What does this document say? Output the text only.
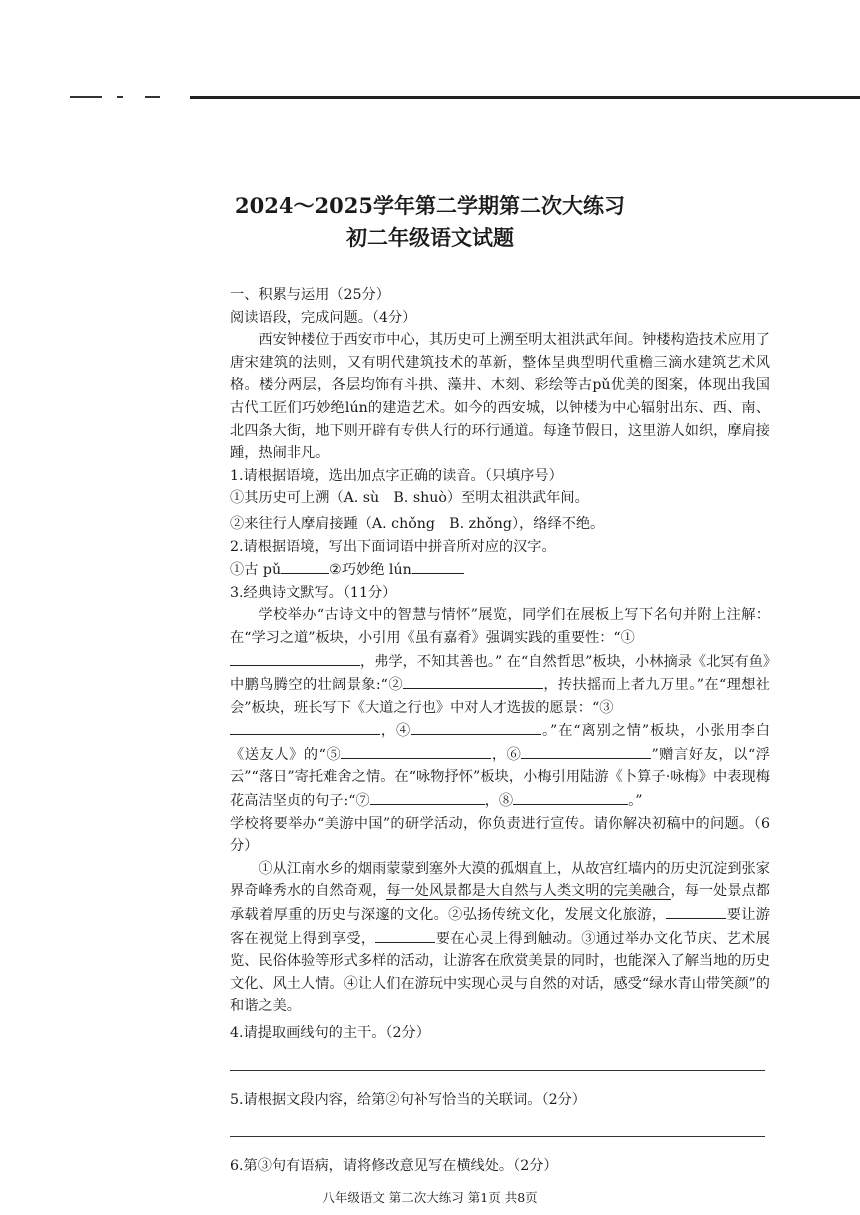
2024～2025学年第二学期第二次大练习
初二年级语文试题

一、积累与运用（25分）

阅读语段，完成问题。（4分）

西安钟楼位于西安市中心，其历史可上溯至明太祖洪武年间。钟楼构造技术应用了唐宋建筑的法则，又有明代建筑技术的革新，整体呈典型明代重檐三滴水建筑艺术风格。楼分两层，各层均饰有斗拱、藻井、木刻、彩绘等古pǔ优美的图案，体现出我国古代工匠们巧妙绝lún的建造艺术。如今的西安城，以钟楼为中心辐射出东、西、南、北四条大街，地下则开辟有专供人行的环行通道。每逢节假日，这里游人如织，摩肩接踵，热闹非凡。

1.请根据语境，选出加点字正确的读音。（只填序号）

①其历史可上溯（A. sù　B. shuò）至明太祖洪武年间。

②来往行人摩肩接踵（A. chǒng　B. zhǒng），络绎不绝。

2.请根据语境，写出下面词语中拼音所对应的汉字。

①古 pǔ	②巧妙绝 lún

3.经典诗文默写。（11分）

学校举办“古诗文中的智慧与情怀”展览，同学们在展板上写下名句并附上注解：在“学习之道”板块，小引用《虽有嘉肴》强调实践的重要性：“①
，弗学，不知其善也。” 在“自然哲思”板块，小林摘录《北冥有鱼》中鹏鸟腾空的壮阔景象:“②	，抟扶摇而上者九万里。”在“理想社会”板块，班长写下《大道之行也》中对人才选拔的愿景：“③
，④	。”在“离别之情”板块，小张用李白《送友人》的“⑤	，⑥	”赠言好友，以“浮云”“落日”寄托难舍之情。在“咏物抒怀”板块，小梅引用陆游《卜算子·咏梅》中表现梅花高洁坚贞的句子:“⑦	，⑧	。”

学校将要举办“美游中国”的研学活动，你负责进行宣传。请你解决初稿中的问题。（6分）

①从江南水乡的烟雨蒙蒙到塞外大漠的孤烟直上，从故宫红墙内的历史沉淀到张家界奇峰秀水的自然奇观，每一处风景都是大自然与人类文明的完美融合，每一处景点都承载着厚重的历史与深邃的文化。②弘扬传统文化，发展文化旅游，	要让游客在视觉上得到享受，	要在心灵上得到触动。③通过举办文化节庆、艺术展览、民俗体验等形式多样的活动，让游客在欣赏美景的同时，也能深入了解当地的历史文化、风土人情。④让人们在游玩中实现心灵与自然的对话，感受“绿水青山带笑颜”的和谐之美。

4.请提取画线句的主干。（2分）

5.请根据文段内容，给第②句补写恰当的关联词。（2分）

6.第③句有语病，请将修改意见写在横线处。（2分）

八年级语文 第二次大练习 第1页 共8页
